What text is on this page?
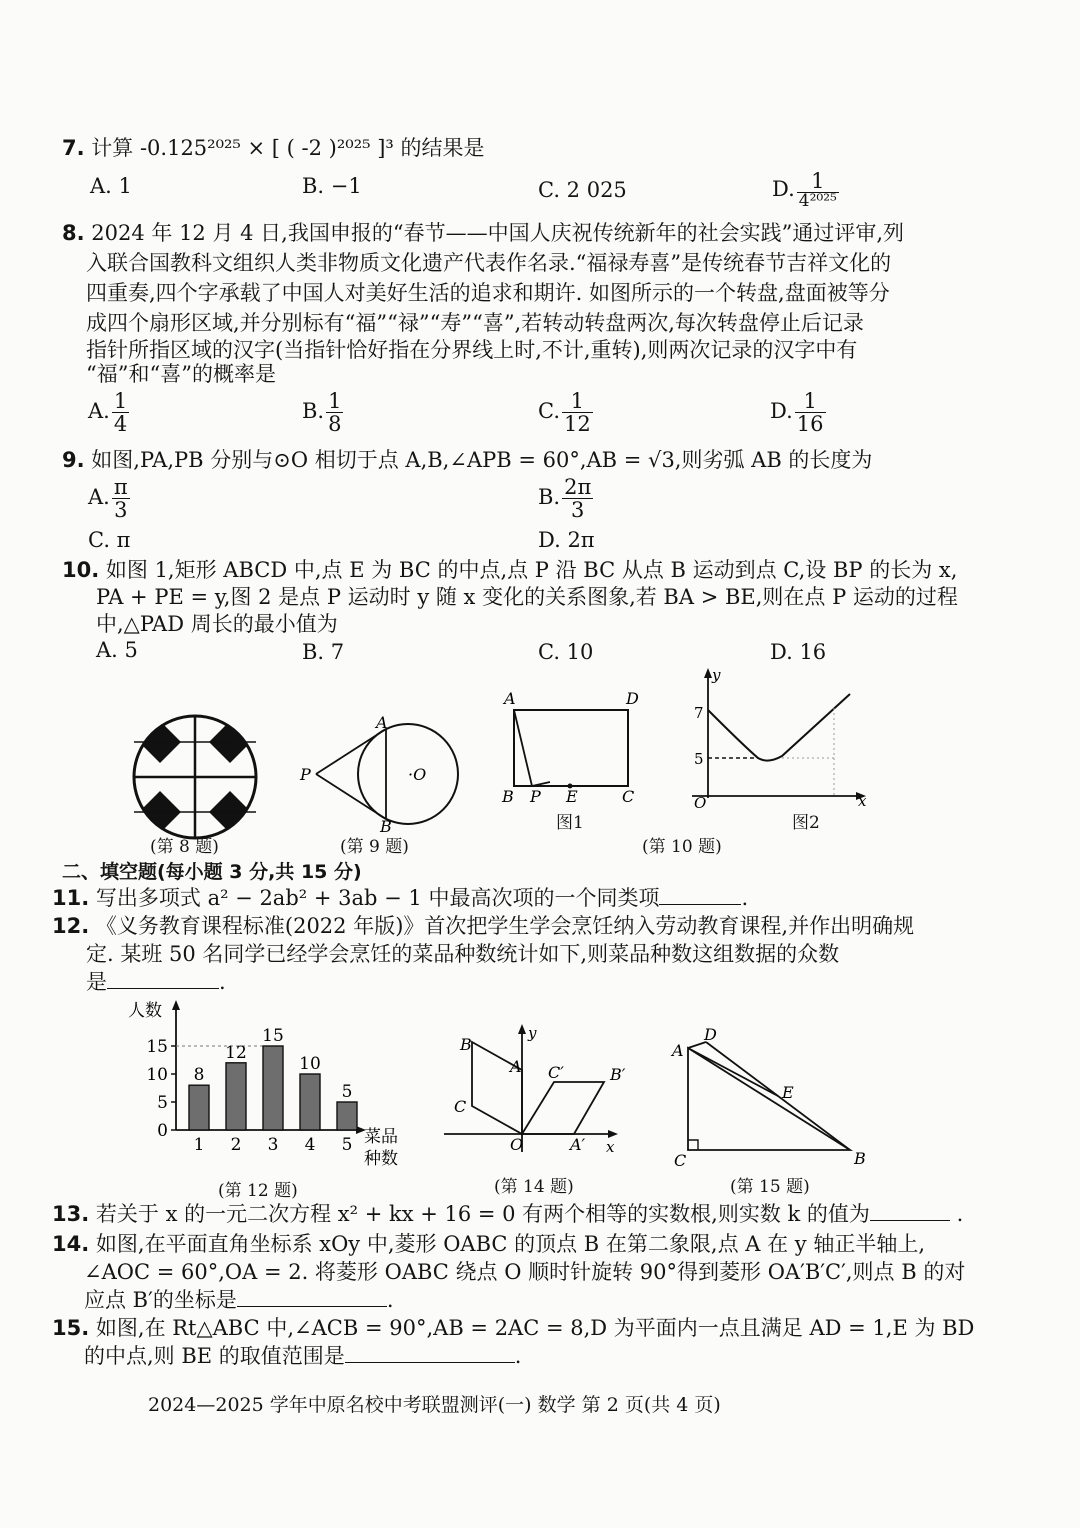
7. 计算 -0.125²⁰²⁵ × [ ( -2 )²⁰²⁵ ]³ 的结果是
A. 1	B. −1	C. 2 025	D. $\frac{1}{\text{4²⁰²⁵}}$
8. 2024 年 12 月 4 日,我国申报的“春节——中国人庆祝传统新年的社会实践”通过评审,列
入联合国教科文组织人类非物质文化遗产代表作名录.“福禄寿喜”是传统春节吉祥文化的
四重奏,四个字承载了中国人对美好生活的追求和期许. 如图所示的一个转盘,盘面被等分
成四个扇形区域,并分别标有“福”“禄”“寿”“喜”,若转动转盘两次,每次转盘停止后记录
指针所指区域的汉字(当指针恰好指在分界线上时,不计,重转),则两次记录的汉字中有
“福”和“喜”的概率是
A. $\frac{1}{4}$	B. $\frac{1}{8}$	C. $\frac{1}{12}$	D. $\frac{1}{16}$
9. 如图,PA,PB 分别与⊙O 相切于点 A,B,∠APB = 60°,AB = √3,则劣弧 AB 的长度为
A. $\frac{\pi}{3}$	B. $\frac{2\pi}{3}$
C. π	D. 2π
10. 如图 1,矩形 ABCD 中,点 E 为 BC 的中点,点 P 沿 BC 从点 B 运动到点 C,设 BP 的长为 x,
PA + PE = y,图 2 是点 P 运动时 y 随 x 变化的关系图象,若 BA > BE,则在点 P 运动的过程
中,△PAD 周长的最小值为
A. 5	B. 7	C. 10	D. 16
(第 8 题)
A
B
P	·O
(第 9 题)
A	D
B P E	C
图1
y
x
O
7
5
图2
(第 10 题)
二、填空题(每小题 3 分,共 15 分)
11. 写出多项式 a² − 2ab² + 3ab − 1 中最高次项的一个同类项	.
12. 《义务教育课程标准(2022 年版)》首次把学生学会烹饪纳入劳动教育课程,并作出明确规
定. 某班 50 名同学已经学会烹饪的菜品种数统计如下,则菜品种数这组数据的众数
是	.
人数
菜品
种数
0
5
10
15
8
1
12
2
15
3
10
4
5
5
(第 12 题)
B
A
C
C′	B′
A′
O
y
x
(第 14 题)
A
D
E
C	B
(第 15 题)
13. 若关于 x 的一元二次方程 x² + kx + 16 = 0 有两个相等的实数根,则实数 k 的值为	.
14. 如图,在平面直角坐标系 xOy 中,菱形 OABC 的顶点 B 在第二象限,点 A 在 y 轴正半轴上,
∠AOC = 60°,OA = 2. 将菱形 OABC 绕点 O 顺时针旋转 90°得到菱形 OA′B′C′,则点 B 的对
应点 B′的坐标是	.
15. 如图,在 Rt△ABC 中,∠ACB = 90°,AB = 2AC = 8,D 为平面内一点且满足 AD = 1,E 为 BD
的中点,则 BE 的取值范围是	.
2024—2025 学年中原名校中考联盟测评(一) 数学 第 2 页(共 4 页)
